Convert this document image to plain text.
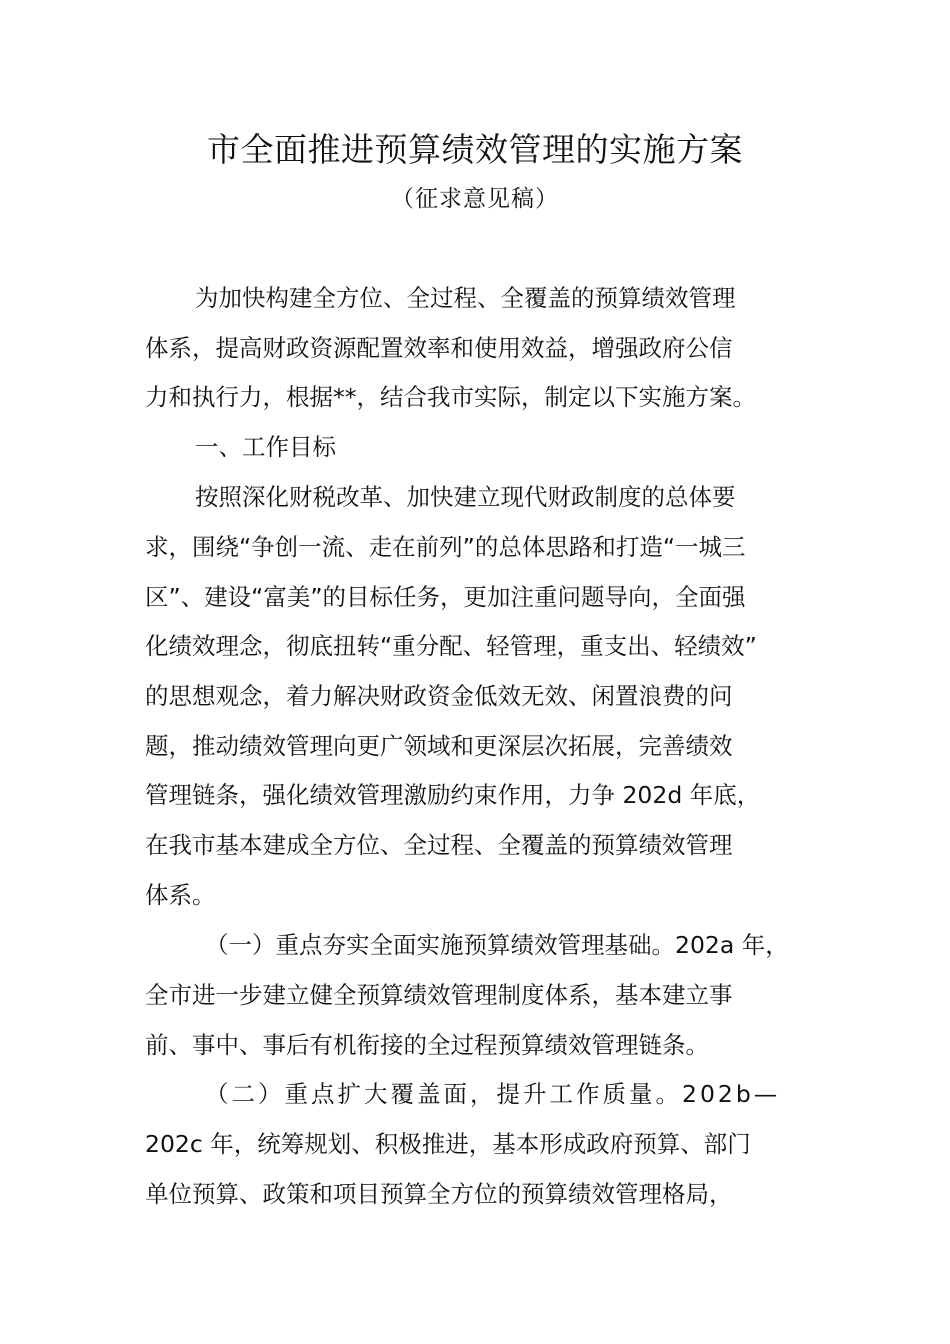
市全面推进预算绩效管理的实施方案
（征求意见稿）
为加快构建全方位、全过程、全覆盖的预算绩效管理
体系，提高财政资源配置效率和使用效益，增强政府公信
力和执行力，根据**，结合我市实际，制定以下实施方案。
一、工作目标
按照深化财税改革、加快建立现代财政制度的总体要
求，围绕“争创一流、走在前列”的总体思路和打造“一城三
区”、建设“富美”的目标任务，更加注重问题导向，全面强
化绩效理念，彻底扭转“重分配、轻管理，重支出、轻绩效”
的思想观念，着力解决财政资金低效无效、闲置浪费的问
题，推动绩效管理向更广领域和更深层次拓展，完善绩效
管理链条，强化绩效管理激励约束作用，力争 202d 年底，
在我市基本建成全方位、全过程、全覆盖的预算绩效管理
体系。
（一）重点夯实全面实施预算绩效管理基础。202a 年，
全市进一步建立健全预算绩效管理制度体系，基本建立事
前、事中、事后有机衔接的全过程预算绩效管理链条。
（二）重点扩大覆盖面，提升工作质量。202b—
202c 年，统筹规划、积极推进，基本形成政府预算、部门
单位预算、政策和项目预算全方位的预算绩效管理格局，
